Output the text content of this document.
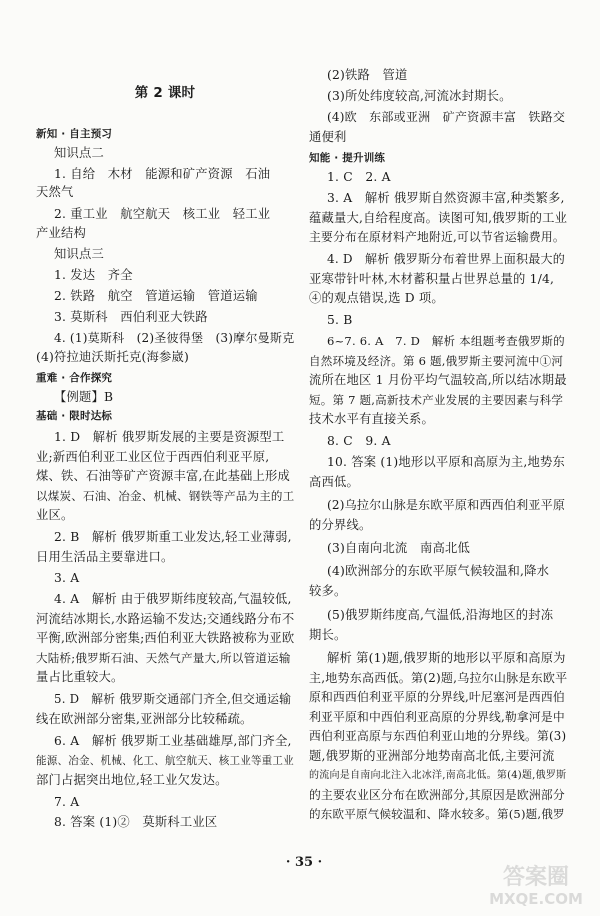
第 2 课时
新知 · 自主预习
知识点二
1. 自给　木材　能源和矿产资源　石油
天然气
2. 重工业　航空航天　核工业　轻工业
产业结构
知识点三
1. 发达　齐全
2. 铁路　航空　管道运输　管道运输
3. 莫斯科　西伯利亚大铁路
4. (1)莫斯科　(2)圣彼得堡　(3)摩尔曼斯克
(4)符拉迪沃斯托克(海参崴)
重难 · 合作探究
【例题】B
基础 · 限时达标
1. D　解析 俄罗斯发展的主要是资源型工
业;新西伯利亚工业区位于西西伯利亚平原,
煤、铁、石油等矿产资源丰富,在此基础上形成
以煤炭、石油、冶金、机械、钢铁等产品为主的工
业区。
2. B　解析 俄罗斯重工业发达,轻工业薄弱,
日用生活品主要靠进口。
3. A
4. A　解析 由于俄罗斯纬度较高,气温较低,
河流结冰期长,水路运输不发达;交通线路分布不
平衡,欧洲部分密集;西伯利亚大铁路被称为亚欧
大陆桥;俄罗斯石油、天然气产量大,所以管道运输
量占比重较大。
5. D　解析 俄罗斯交通部门齐全,但交通运输
线在欧洲部分密集,亚洲部分比较稀疏。
6. A　解析 俄罗斯工业基础雄厚,部门齐全,
能源、冶金、机械、化工、航空航天、核工业等重工业
部门占据突出地位,轻工业欠发达。
7. A
8. 答案 (1)②　莫斯科工业区
(2)铁路　管道
(3)所处纬度较高,河流冰封期长。
(4)欧　东部或亚洲　矿产资源丰富　铁路交
通便利
知能 · 提升训练
1. C　2. A
3. A　解析 俄罗斯自然资源丰富,种类繁多,
蕴藏量大,自给程度高。读图可知,俄罗斯的工业
主要分布在原材料产地附近,可以节省运输费用。
4. D　解析 俄罗斯分布着世界上面积最大的
亚寒带针叶林,木材蓄积量占世界总量的 1/4,
④的观点错误,选 D 项。
5. B
6~7. 6. A　7. D　解析 本组题考查俄罗斯的
自然环境及经济。第 6 题,俄罗斯主要河流中①河
流所在地区 1 月份平均气温较高,所以结冰期最
短。第 7 题,高新技术产业发展的主要因素与科学
技术水平有直接关系。
8. C　9. A
10. 答案 (1)地形以平原和高原为主,地势东
高西低。
(2)乌拉尔山脉是东欧平原和西西伯利亚平原
的分界线。
(3)自南向北流　南高北低
(4)欧洲部分的东欧平原气候较温和,降水
较多。
(5)俄罗斯纬度高,气温低,沿海地区的封冻
期长。
解析 第(1)题,俄罗斯的地形以平原和高原为
主,地势东高西低。第(2)题,乌拉尔山脉是东欧平
原和西西伯利亚平原的分界线,叶尼塞河是西西伯
利亚平原和中西伯利亚高原的分界线,勒拿河是中
西伯利亚高原与东西伯利亚山地的分界线。第(3)
题,俄罗斯的亚洲部分地势南高北低,主要河流
的流向是自南向北注入北冰洋,南高北低。第(4)题,俄罗斯
的主要农业区分布在欧洲部分,其原因是欧洲部分
的东欧平原气候较温和、降水较多。第(5)题,俄罗
· 35 ·
答案圈
MXQE.COM
